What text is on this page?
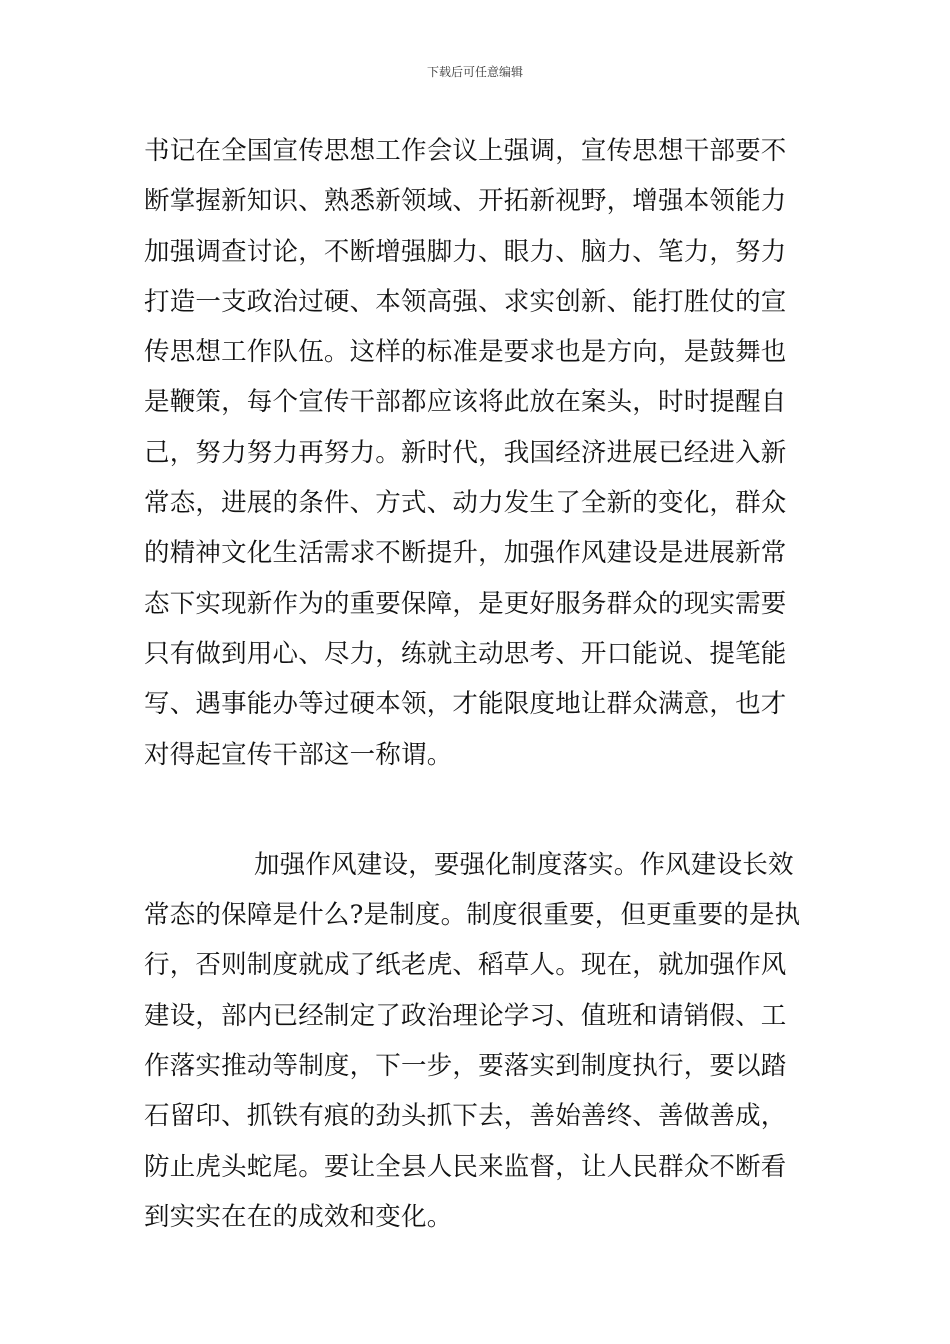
下载后可任意编辑
书记在全国宣传思想工作会议上强调，宣传思想干部要不
断掌握新知识、熟悉新领域、开拓新视野，增强本领能力
加强调查讨论，不断增强脚力、眼力、脑力、笔力，努力
打造一支政治过硬、本领高强、求实创新、能打胜仗的宣
传思想工作队伍。这样的标准是要求也是方向，是鼓舞也
是鞭策，每个宣传干部都应该将此放在案头，时时提醒自
己，努力努力再努力。新时代，我国经济进展已经进入新
常态，进展的条件、方式、动力发生了全新的变化，群众
的精神文化生活需求不断提升，加强作风建设是进展新常
态下实现新作为的重要保障，是更好服务群众的现实需要
只有做到用心、尽力，练就主动思考、开口能说、提笔能
写、遇事能办等过硬本领，才能限度地让群众满意，也才
对得起宣传干部这一称谓。
加强作风建设，要强化制度落实。作风建设长效
常态的保障是什么?是制度。制度很重要，但更重要的是执
行，否则制度就成了纸老虎、稻草人。现在，就加强作风
建设，部内已经制定了政治理论学习、值班和请销假、工
作落实推动等制度，下一步，要落实到制度执行，要以踏
石留印、抓铁有痕的劲头抓下去，善始善终、善做善成，
防止虎头蛇尾。要让全县人民来监督，让人民群众不断看
到实实在在的成效和变化。
